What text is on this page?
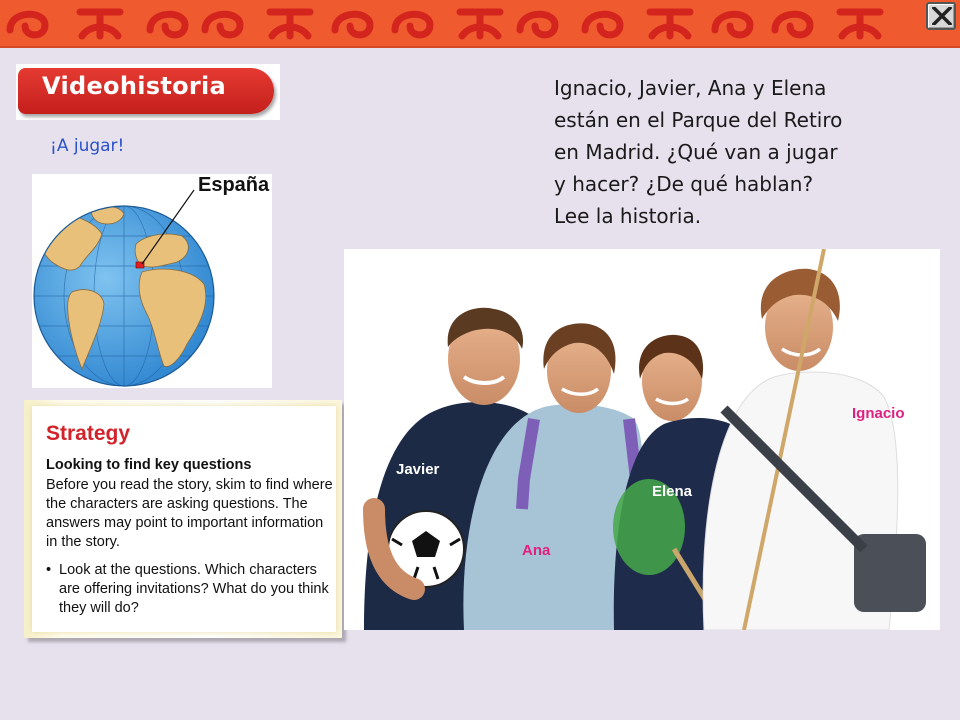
Videohistoria
¡A jugar!
España
Strategy
Looking to find key questions
Before you read the story, skim to find where the characters are asking questions. The answers may point to important information in the story.
• Look at the questions. Which characters are offering invitations? What do you think they will do?
Ignacio, Javier, Ana y Elena
están en el Parque del Retiro
en Madrid. ¿Qué van a jugar
y hacer? ¿De qué hablan?
Lee la historia.
Javier
Ana
Elena
Ignacio
